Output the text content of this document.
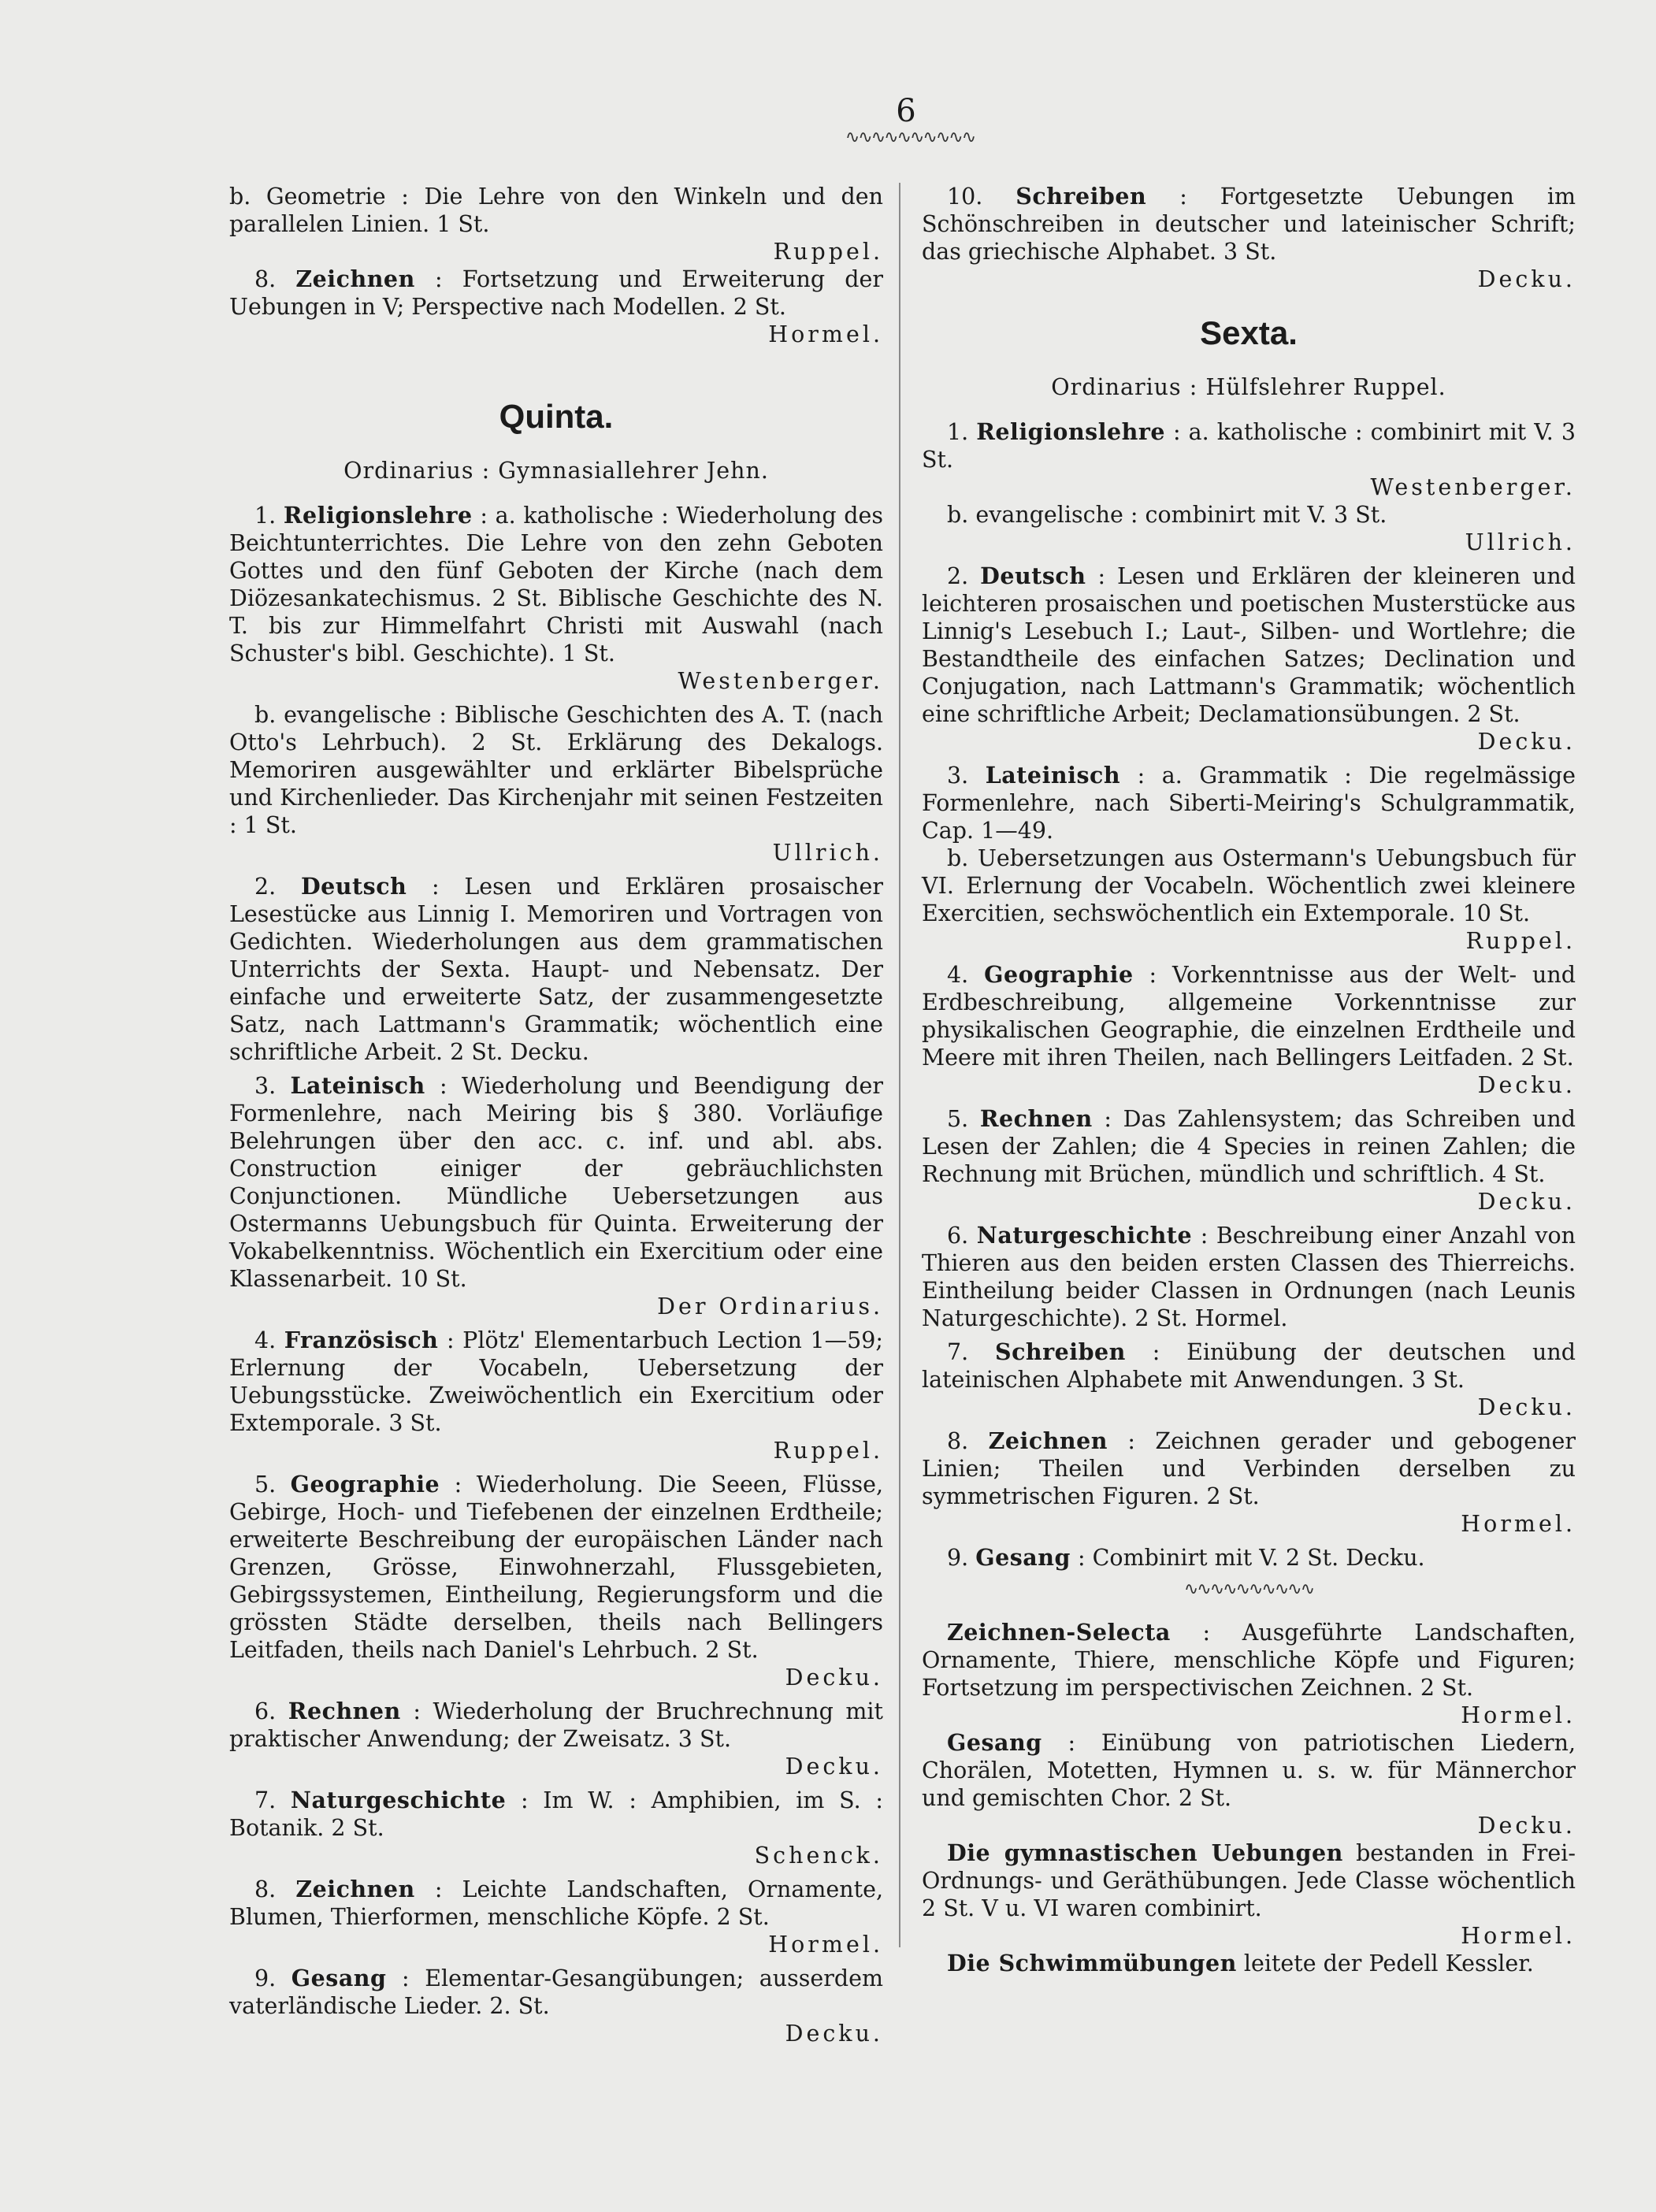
6
∿∿∿∿∿∿∿∿∿∿

b. Geometrie : Die Lehre von den Winkeln und den parallelen Linien. 1 St.
Ruppel.

8. Zeichnen : Fortsetzung und Erweiterung der Uebungen in V; Perspective nach Modellen. 2 St.
Hormel.

Quinta.

Ordinarius : Gymnasiallehrer Jehn.

1. Religionslehre : a. katholische : Wiederholung des Beichtunterrichtes. Die Lehre von den zehn Geboten Gottes und den fünf Geboten der Kirche (nach dem Diözesankatechismus. 2 St. Biblische Geschichte des N. T. bis zur Himmelfahrt Christi mit Auswahl (nach Schuster's bibl. Geschichte). 1 St.
Westenberger.

b. evangelische : Biblische Geschichten des A. T. (nach Otto's Lehrbuch). 2 St. Erklärung des Dekalogs. Memoriren ausgewählter und erklärter Bibelsprüche und Kirchenlieder. Das Kirchenjahr mit seinen Festzeiten : 1 St.
Ullrich.

2. Deutsch : Lesen und Erklären prosaischer Lesestücke aus Linnig I. Memoriren und Vortragen von Gedichten. Wiederholungen aus dem grammatischen Unterrichts der Sexta. Haupt- und Nebensatz. Der einfache und erweiterte Satz, der zusammengesetzte Satz, nach Lattmann's Grammatik; wöchentlich eine schriftliche Arbeit. 2 St. Decku.

3. Lateinisch : Wiederholung und Beendigung der Formenlehre, nach Meiring bis § 380. Vorläufige Belehrungen über den acc. c. inf. und abl. abs. Construction einiger der gebräuchlichsten Conjunctionen. Mündliche Uebersetzungen aus Ostermanns Uebungsbuch für Quinta. Erweiterung der Vokabelkenntniss. Wöchentlich ein Exercitium oder eine Klassenarbeit. 10 St.
Der Ordinarius.

4. Französisch : Plötz' Elementarbuch Lection 1—59; Erlernung der Vocabeln, Uebersetzung der Uebungsstücke. Zweiwöchentlich ein Exercitium oder Extemporale. 3 St.
Ruppel.

5. Geographie : Wiederholung. Die Seeen, Flüsse, Gebirge, Hoch- und Tiefebenen der einzelnen Erdtheile; erweiterte Beschreibung der europäischen Länder nach Grenzen, Grösse, Einwohnerzahl, Flussgebieten, Gebirgssystemen, Eintheilung, Regierungsform und die grössten Städte derselben, theils nach Bellingers Leitfaden, theils nach Daniel's Lehrbuch. 2 St.
Decku.

6. Rechnen : Wiederholung der Bruchrechnung mit praktischer Anwendung; der Zweisatz. 3 St.
Decku.

7. Naturgeschichte : Im W. : Amphibien, im S. : Botanik. 2 St.
Schenck.

8. Zeichnen : Leichte Landschaften, Ornamente, Blumen, Thierformen, menschliche Köpfe. 2 St.
Hormel.

9. Gesang : Elementar-Gesangübungen; ausserdem vaterländische Lieder. 2. St.
Decku.

10. Schreiben : Fortgesetzte Uebungen im Schönschreiben in deutscher und lateinischer Schrift; das griechische Alphabet. 3 St.
Decku.

Sexta.

Ordinarius : Hülfslehrer Ruppel.

1. Religionslehre : a. katholische : combinirt mit V. 3 St.
Westenberger.

b. evangelische : combinirt mit V. 3 St.
Ullrich.

2. Deutsch : Lesen und Erklären der kleineren und leichteren prosaischen und poetischen Musterstücke aus Linnig's Lesebuch I.; Laut-, Silben- und Wortlehre; die Bestandtheile des einfachen Satzes; Declination und Conjugation, nach Lattmann's Grammatik; wöchentlich eine schriftliche Arbeit; Declamationsübungen. 2 St.
Decku.

3. Lateinisch : a. Grammatik : Die regelmässige Formenlehre, nach Siberti-Meiring's Schulgrammatik, Cap. 1—49.

b. Uebersetzungen aus Ostermann's Uebungsbuch für VI. Erlernung der Vocabeln. Wöchentlich zwei kleinere Exercitien, sechswöchentlich ein Extemporale. 10 St.
Ruppel.

4. Geographie : Vorkenntnisse aus der Welt- und Erdbeschreibung, allgemeine Vorkenntnisse zur physikalischen Geographie, die einzelnen Erdtheile und Meere mit ihren Theilen, nach Bellingers Leitfaden. 2 St.
Decku.

5. Rechnen : Das Zahlensystem; das Schreiben und Lesen der Zahlen; die 4 Species in reinen Zahlen; die Rechnung mit Brüchen, mündlich und schriftlich. 4 St.
Decku.

6. Naturgeschichte : Beschreibung einer Anzahl von Thieren aus den beiden ersten Classen des Thierreichs. Eintheilung beider Classen in Ordnungen (nach Leunis Naturgeschichte). 2 St. Hormel.

7. Schreiben : Einübung der deutschen und lateinischen Alphabete mit Anwendungen. 3 St.
Decku.

8. Zeichnen : Zeichnen gerader und gebogener Linien; Theilen und Verbinden derselben zu symmetrischen Figuren. 2 St.
Hormel.

9. Gesang : Combinirt mit V. 2 St. Decku.

∿∿∿∿∿∿∿∿∿∿

Zeichnen-Selecta : Ausgeführte Landschaften, Ornamente, Thiere, menschliche Köpfe und Figuren; Fortsetzung im perspectivischen Zeichnen. 2 St.
Hormel.

Gesang : Einübung von patriotischen Liedern, Chorälen, Motetten, Hymnen u. s. w. für Männerchor und gemischten Chor. 2 St.
Decku.

Die gymnastischen Uebungen bestanden in Frei-Ordnungs- und Geräthübungen. Jede Classe wöchentlich 2 St. V u. VI waren combinirt.
Hormel.

Die Schwimmübungen leitete der Pedell Kessler.
